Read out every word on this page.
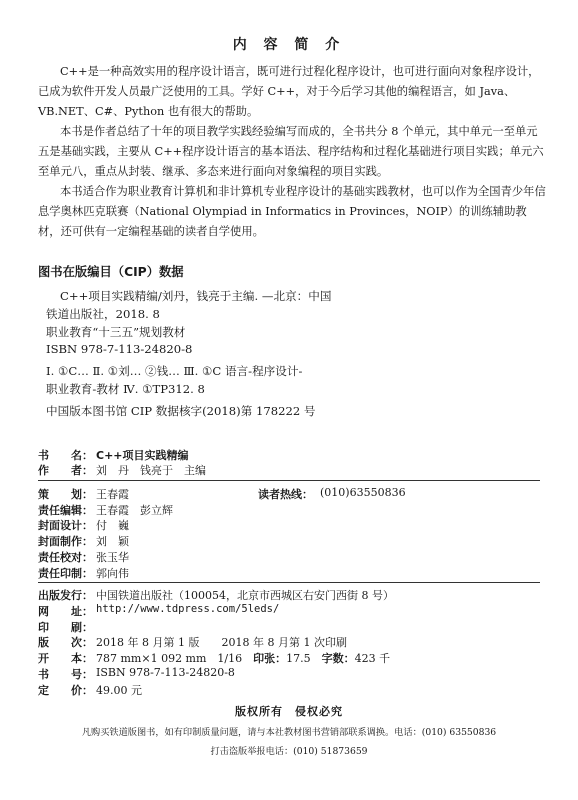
内 容 简 介

C++是一种高效实用的程序设计语言，既可进行过程化程序设计，也可进行面向对象程序设计，已成为软件开发人员最广泛使用的工具。学好 C++，对于今后学习其他的编程语言，如 Java、VB.NET、C#、Python 也有很大的帮助。

本书是作者总结了十年的项目教学实践经验编写而成的，全书共分 8 个单元，其中单元一至单元五是基础实践，主要从 C++程序设计语言的基本语法、程序结构和过程化基础进行项目实践；单元六至单元八，重点从封装、继承、多态来进行面向对象编程的项目实践。

本书适合作为职业教育计算机和非计算机专业程序设计的基础实践教材，也可以作为全国青少年信息学奥林匹克联赛（National Olympiad in Informatics in Provinces，NOIP）的训练辅助教材，还可供有一定编程基础的读者自学使用。

图书在版编目（CIP）数据
C++项目实践精编/刘丹，钱亮于主编. —北京：中国
铁道出版社，2018. 8
职业教育“十三五”规划教材
ISBN 978-7-113-24820-8
Ⅰ. ①C… Ⅱ. ①刘… ②钱… Ⅲ. ①C 语言-程序设计-
职业教育-教材 Ⅳ. ①TP312. 8
中国版本图书馆 CIP 数据核字(2018)第 178222 号
书　　名： C++项目实践精编
作　　者： 刘　丹　钱亮于　主编
策　　划： 王春霞	读者热线： (010)63550836
责任编辑： 王春霞　彭立辉
封面设计： 付　巍
封面制作： 刘　颖
责任校对： 张玉华
责任印制： 郭向伟
出版发行： 中国铁道出版社（100054，北京市西城区右安门西街 8 号）
网　　址： http://www.tdpress.com/5leds/
印　　刷：
版　　次： 2018 年 8 月第 1 版　　2018 年 8 月第 1 次印刷
开　　本： 787 mm×1 092 mm　1/16　印张：17.5　 字数：423 千
书　　号： ISBN 978-7-113-24820-8
定　　价： 49.00 元
版权所有　侵权必究
凡购买铁道版图书，如有印制质量问题，请与本社教材图书营销部联系调换。电话：(010) 63550836
打击盗版举报电话：(010) 51873659
